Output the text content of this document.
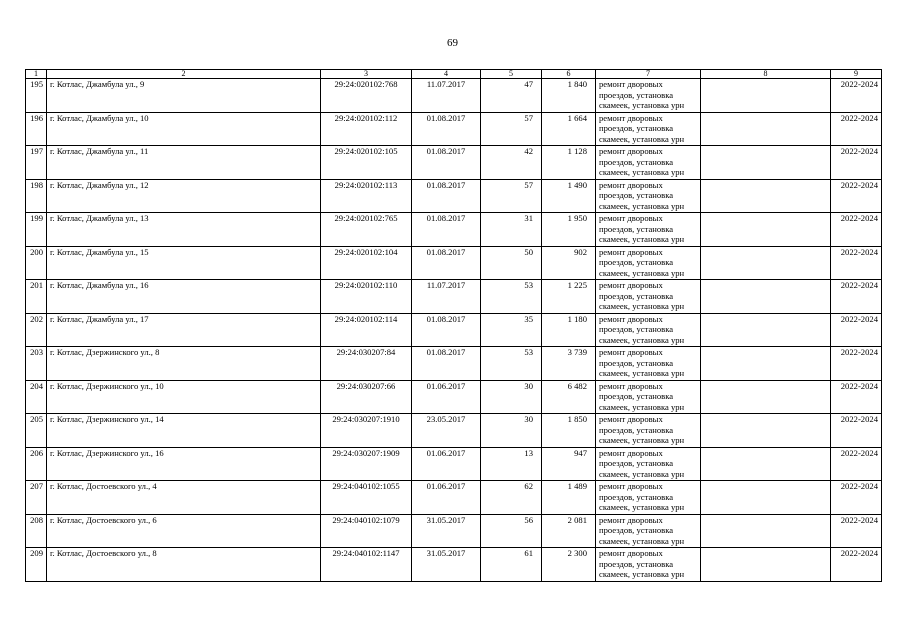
69
1	2	3	4	5	6	7	8	9
195	г. Котлас, Джамбула ул., 9	29:24:020102:768	11.07.2017	47	1 840	ремонт дворовых проездов, установка скамеек, установка урн		2022-2024
196	г. Котлас, Джамбула ул., 10	29:24:020102:112	01.08.2017	57	1 664	ремонт дворовых проездов, установка скамеек, установка урн		2022-2024
197	г. Котлас, Джамбула ул., 11	29:24:020102:105	01.08.2017	42	1 128	ремонт дворовых проездов, установка скамеек, установка урн		2022-2024
198	г. Котлас, Джамбула ул., 12	29:24:020102:113	01.08.2017	57	1 490	ремонт дворовых проездов, установка скамеек, установка урн		2022-2024
199	г. Котлас, Джамбула ул., 13	29:24:020102:765	01.08.2017	31	1 950	ремонт дворовых проездов, установка скамеек, установка урн		2022-2024
200	г. Котлас, Джамбула ул., 15	29:24:020102:104	01.08.2017	50	902	ремонт дворовых проездов, установка скамеек, установка урн		2022-2024
201	г. Котлас, Джамбула ул., 16	29:24:020102:110	11.07.2017	53	1 225	ремонт дворовых проездов, установка скамеек, установка урн		2022-2024
202	г. Котлас, Джамбула ул., 17	29:24:020102:114	01.08.2017	35	1 180	ремонт дворовых проездов, установка скамеек, установка урн		2022-2024
203	г. Котлас, Дзержинского ул., 8	29:24:030207:84	01.08.2017	53	3 739	ремонт дворовых проездов, установка скамеек, установка урн		2022-2024
204	г. Котлас, Дзержинского ул., 10	29:24:030207:66	01.06.2017	30	6 482	ремонт дворовых проездов, установка скамеек, установка урн		2022-2024
205	г. Котлас, Дзержинского ул., 14	29:24:030207:1910	23.05.2017	30	1 850	ремонт дворовых проездов, установка скамеек, установка урн		2022-2024
206	г. Котлас, Дзержинского ул., 16	29:24:030207:1909	01.06.2017	13	947	ремонт дворовых проездов, установка скамеек, установка урн		2022-2024
207	г. Котлас, Достоевского ул., 4	29:24:040102:1055	01.06.2017	62	1 489	ремонт дворовых проездов, установка скамеек, установка урн		2022-2024
208	г. Котлас, Достоевского ул., 6	29:24:040102:1079	31.05.2017	56	2 081	ремонт дворовых проездов, установка скамеек, установка урн		2022-2024
209	г. Котлас, Достоевского ул., 8	29:24:040102:1147	31.05.2017	61	2 300	ремонт дворовых проездов, установка скамеек, установка урн		2022-2024
